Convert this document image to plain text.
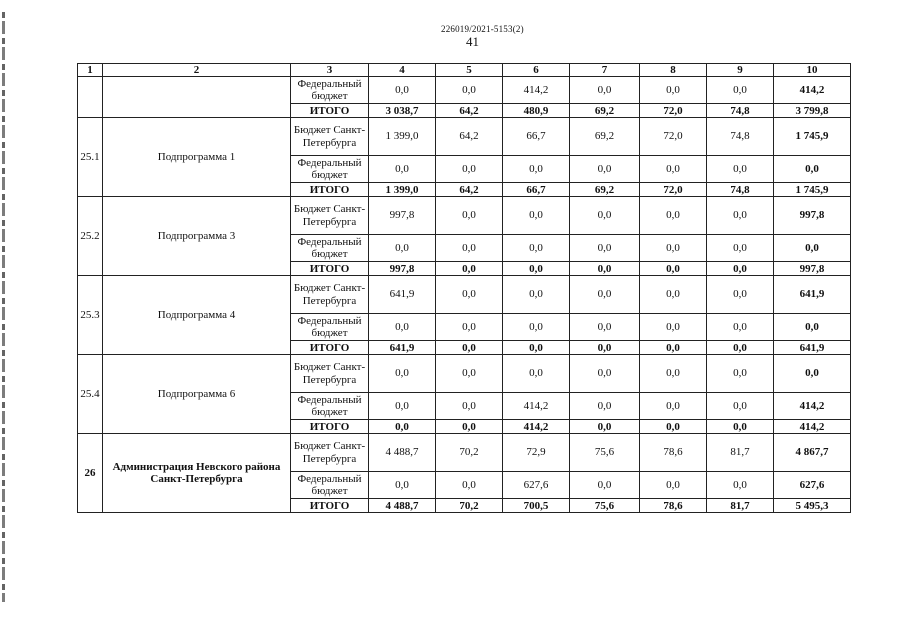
226019/2021-5153(2)
41
1	2	3	4	5	6	7	8	9	10
		Федеральный бюджет	0,0	0,0	414,2	0,0	0,0	0,0	414,2
		ИТОГО	3 038,7	64,2	480,9	69,2	72,0	74,8	3 799,8
25.1	Подпрограмма 1	Бюджет Санкт-Петербурга	1 399,0	64,2	66,7	69,2	72,0	74,8	1 745,9
		Федеральный бюджет	0,0	0,0	0,0	0,0	0,0	0,0	0,0
		ИТОГО	1 399,0	64,2	66,7	69,2	72,0	74,8	1 745,9
25.2	Подпрограмма 3	Бюджет Санкт-Петербурга	997,8	0,0	0,0	0,0	0,0	0,0	997,8
		Федеральный бюджет	0,0	0,0	0,0	0,0	0,0	0,0	0,0
		ИТОГО	997,8	0,0	0,0	0,0	0,0	0,0	997,8
25.3	Подпрограмма 4	Бюджет Санкт-Петербурга	641,9	0,0	0,0	0,0	0,0	0,0	641,9
		Федеральный бюджет	0,0	0,0	0,0	0,0	0,0	0,0	0,0
		ИТОГО	641,9	0,0	0,0	0,0	0,0	0,0	641,9
25.4	Подпрограмма 6	Бюджет Санкт-Петербурга	0,0	0,0	0,0	0,0	0,0	0,0	0,0
		Федеральный бюджет	0,0	0,0	414,2	0,0	0,0	0,0	414,2
		ИТОГО	0,0	0,0	414,2	0,0	0,0	0,0	414,2
26	Администрация Невского района Санкт-Петербурга	Бюджет Санкт-Петербурга	4 488,7	70,2	72,9	75,6	78,6	81,7	4 867,7
		Федеральный бюджет	0,0	0,0	627,6	0,0	0,0	0,0	627,6
		ИТОГО	4 488,7	70,2	700,5	75,6	78,6	81,7	5 495,3
